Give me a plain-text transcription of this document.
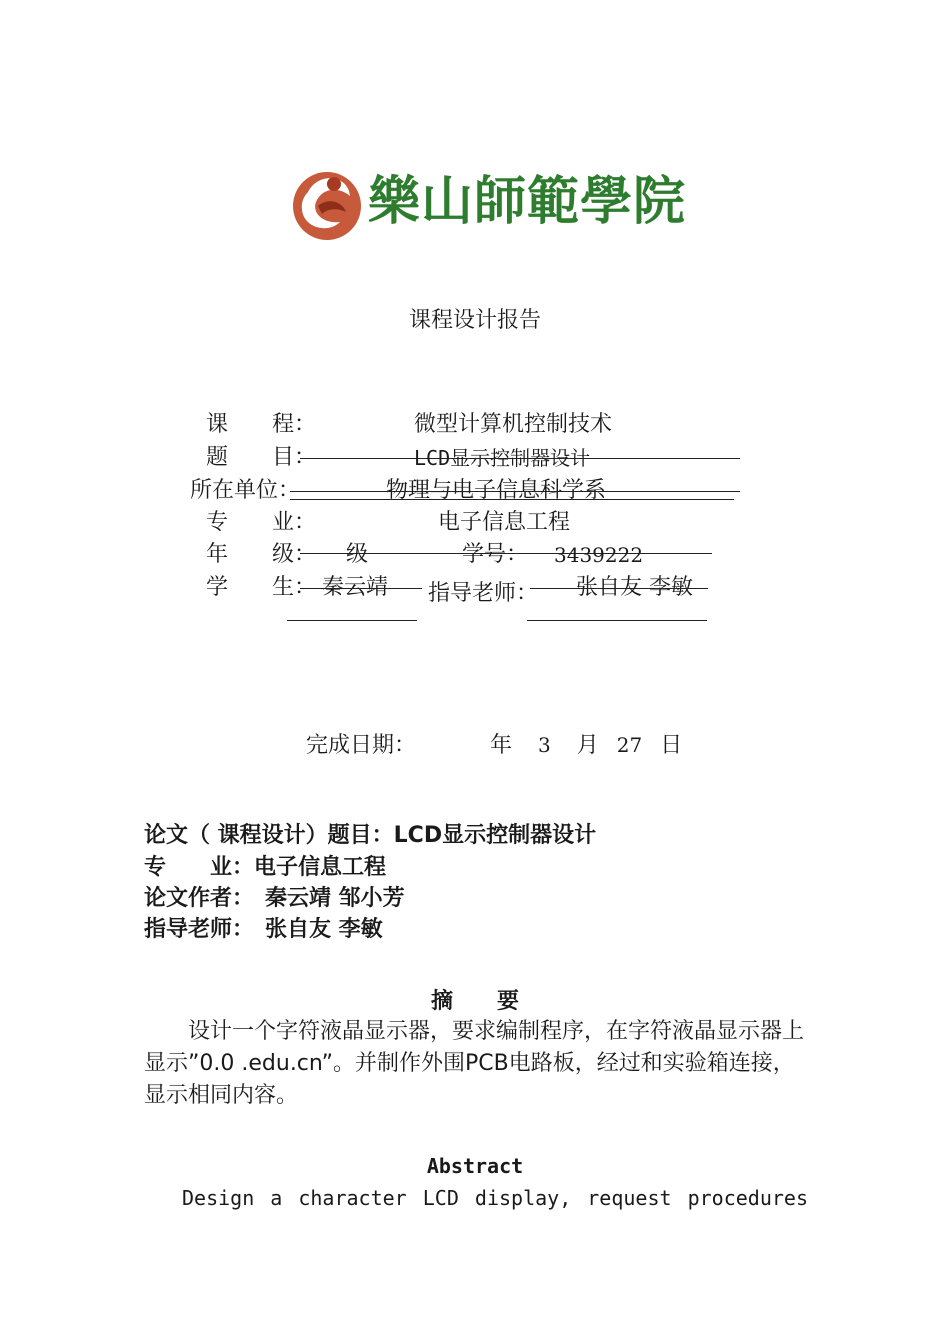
樂山師範學院
课程设计报告
课　　程：	微型计算机控制技术
题　　目：	LCD显示控制器设计
所在单位：	物理与电子信息科学系
专　　业：	电子信息工程
年　　级： 级	学号： 3439222
学　　生： 秦云靖 指导老师： 张自友 李敏
完成日期：	年 3 月 27 日
论文（ 课程设计）题目：LCD显示控制器设计
专　　业：电子信息工程
论文作者：　秦云靖 邹小芳
指导老师：　张自友 李敏
摘　　要
设计一个字符液晶显示器，要求编制程序，在字符液晶显示器上显示”0.0 .edu.cn”。并制作外围PCB电路板，经过和实验箱连接，显示相同内容。
Abstract
Design a character LCD display, request procedures
